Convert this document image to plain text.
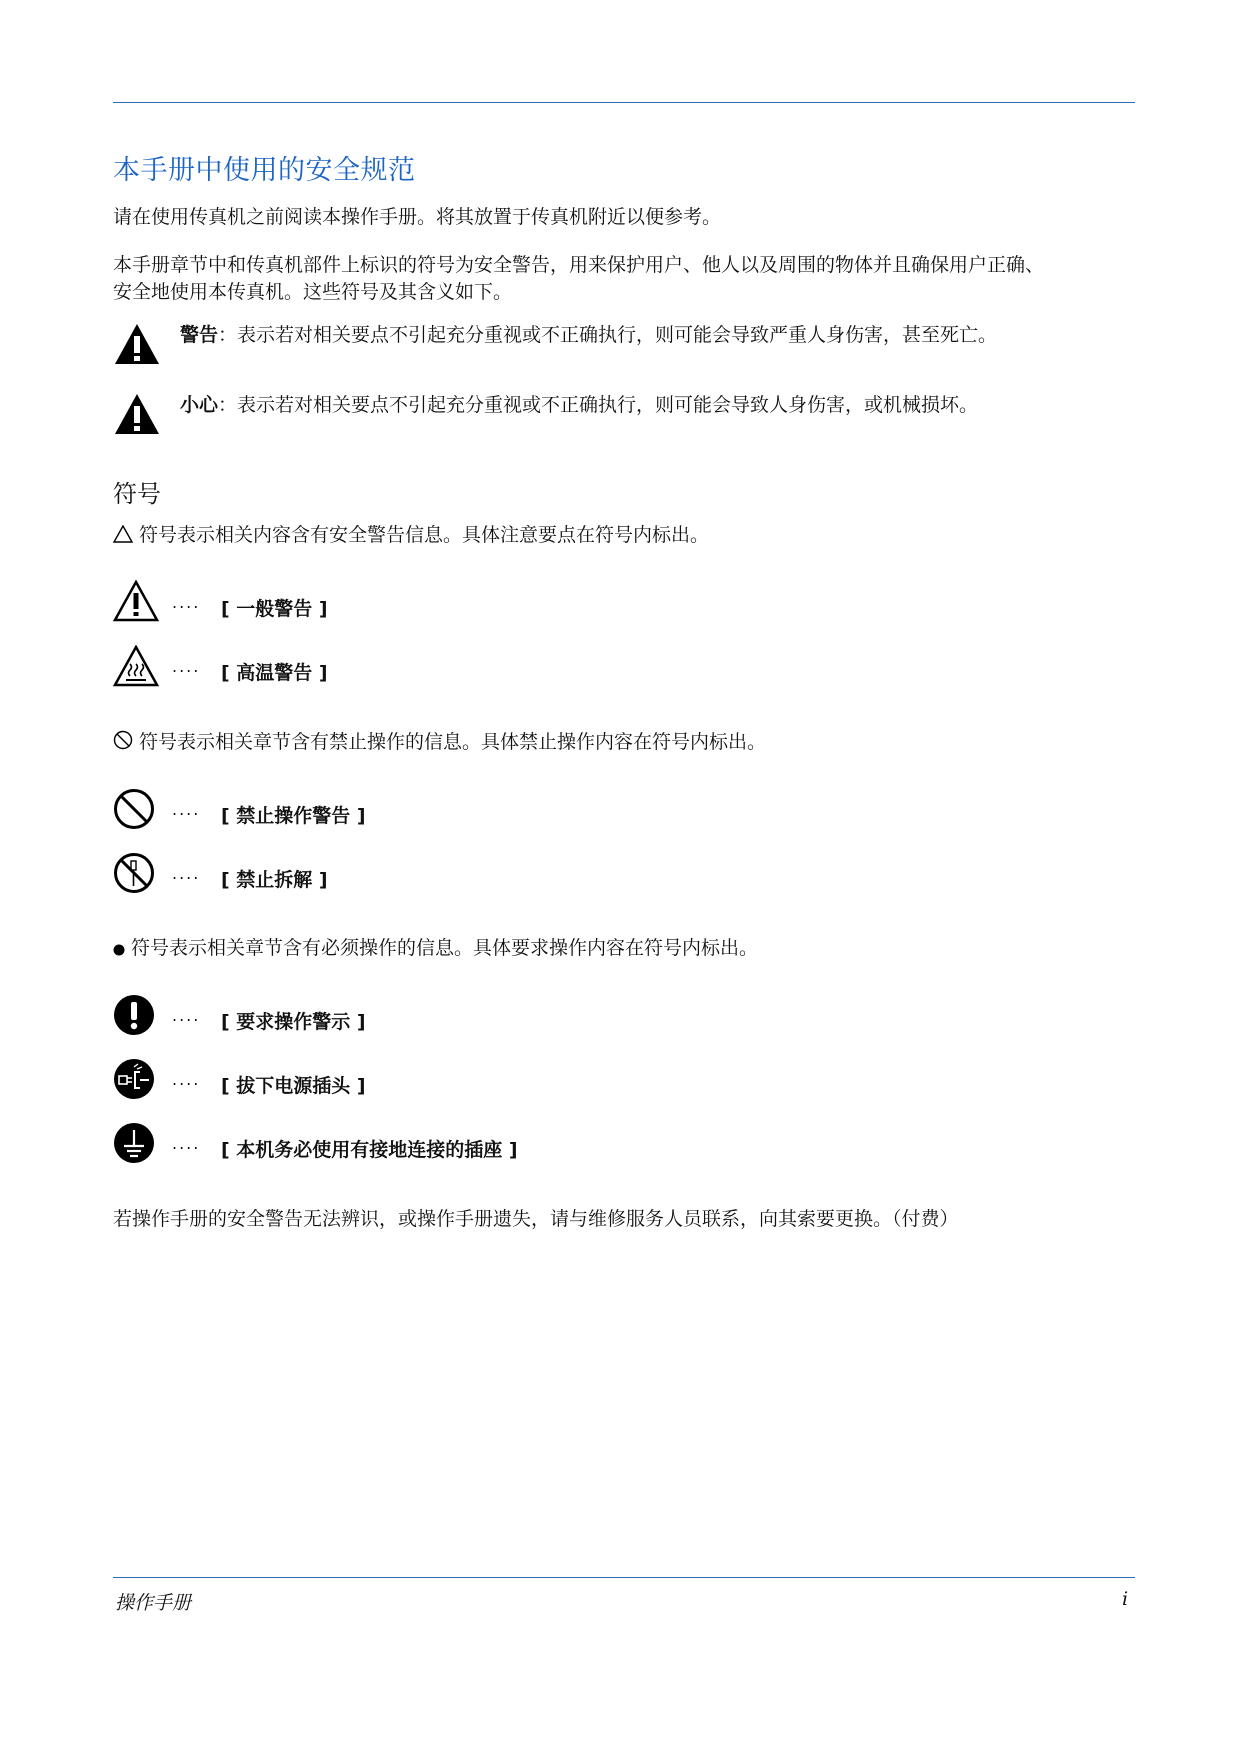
本手册中使用的安全规范
请在使用传真机之前阅读本操作手册。将其放置于传真机附近以便参考。
本手册章节中和传真机部件上标识的符号为安全警告，用来保护用户、他人以及周围的物体并且确保用户正确、
安全地使用本传真机。这些符号及其含义如下。
警告：表示若对相关要点不引起充分重视或不正确执行，则可能会导致严重人身伤害，甚至死亡。
小心：表示若对相关要点不引起充分重视或不正确执行，则可能会导致人身伤害，或机械损坏。
符号
符号表示相关内容含有安全警告信息。具体注意要点在符号内标出。
.... [ 一般警告 ]
.... [ 高温警告 ]
符号表示相关章节含有禁止操作的信息。具体禁止操作内容在符号内标出。
.... [ 禁止操作警告 ]
.... [ 禁止拆解 ]
符号表示相关章节含有必须操作的信息。具体要求操作内容在符号内标出。
.... [ 要求操作警示 ]
.... [ 拔下电源插头 ]
.... [ 本机务必使用有接地连接的插座 ]
若操作手册的安全警告无法辨识，或操作手册遗失，请与维修服务人员联系，向其索要更换。（付费）
操作手册	i
